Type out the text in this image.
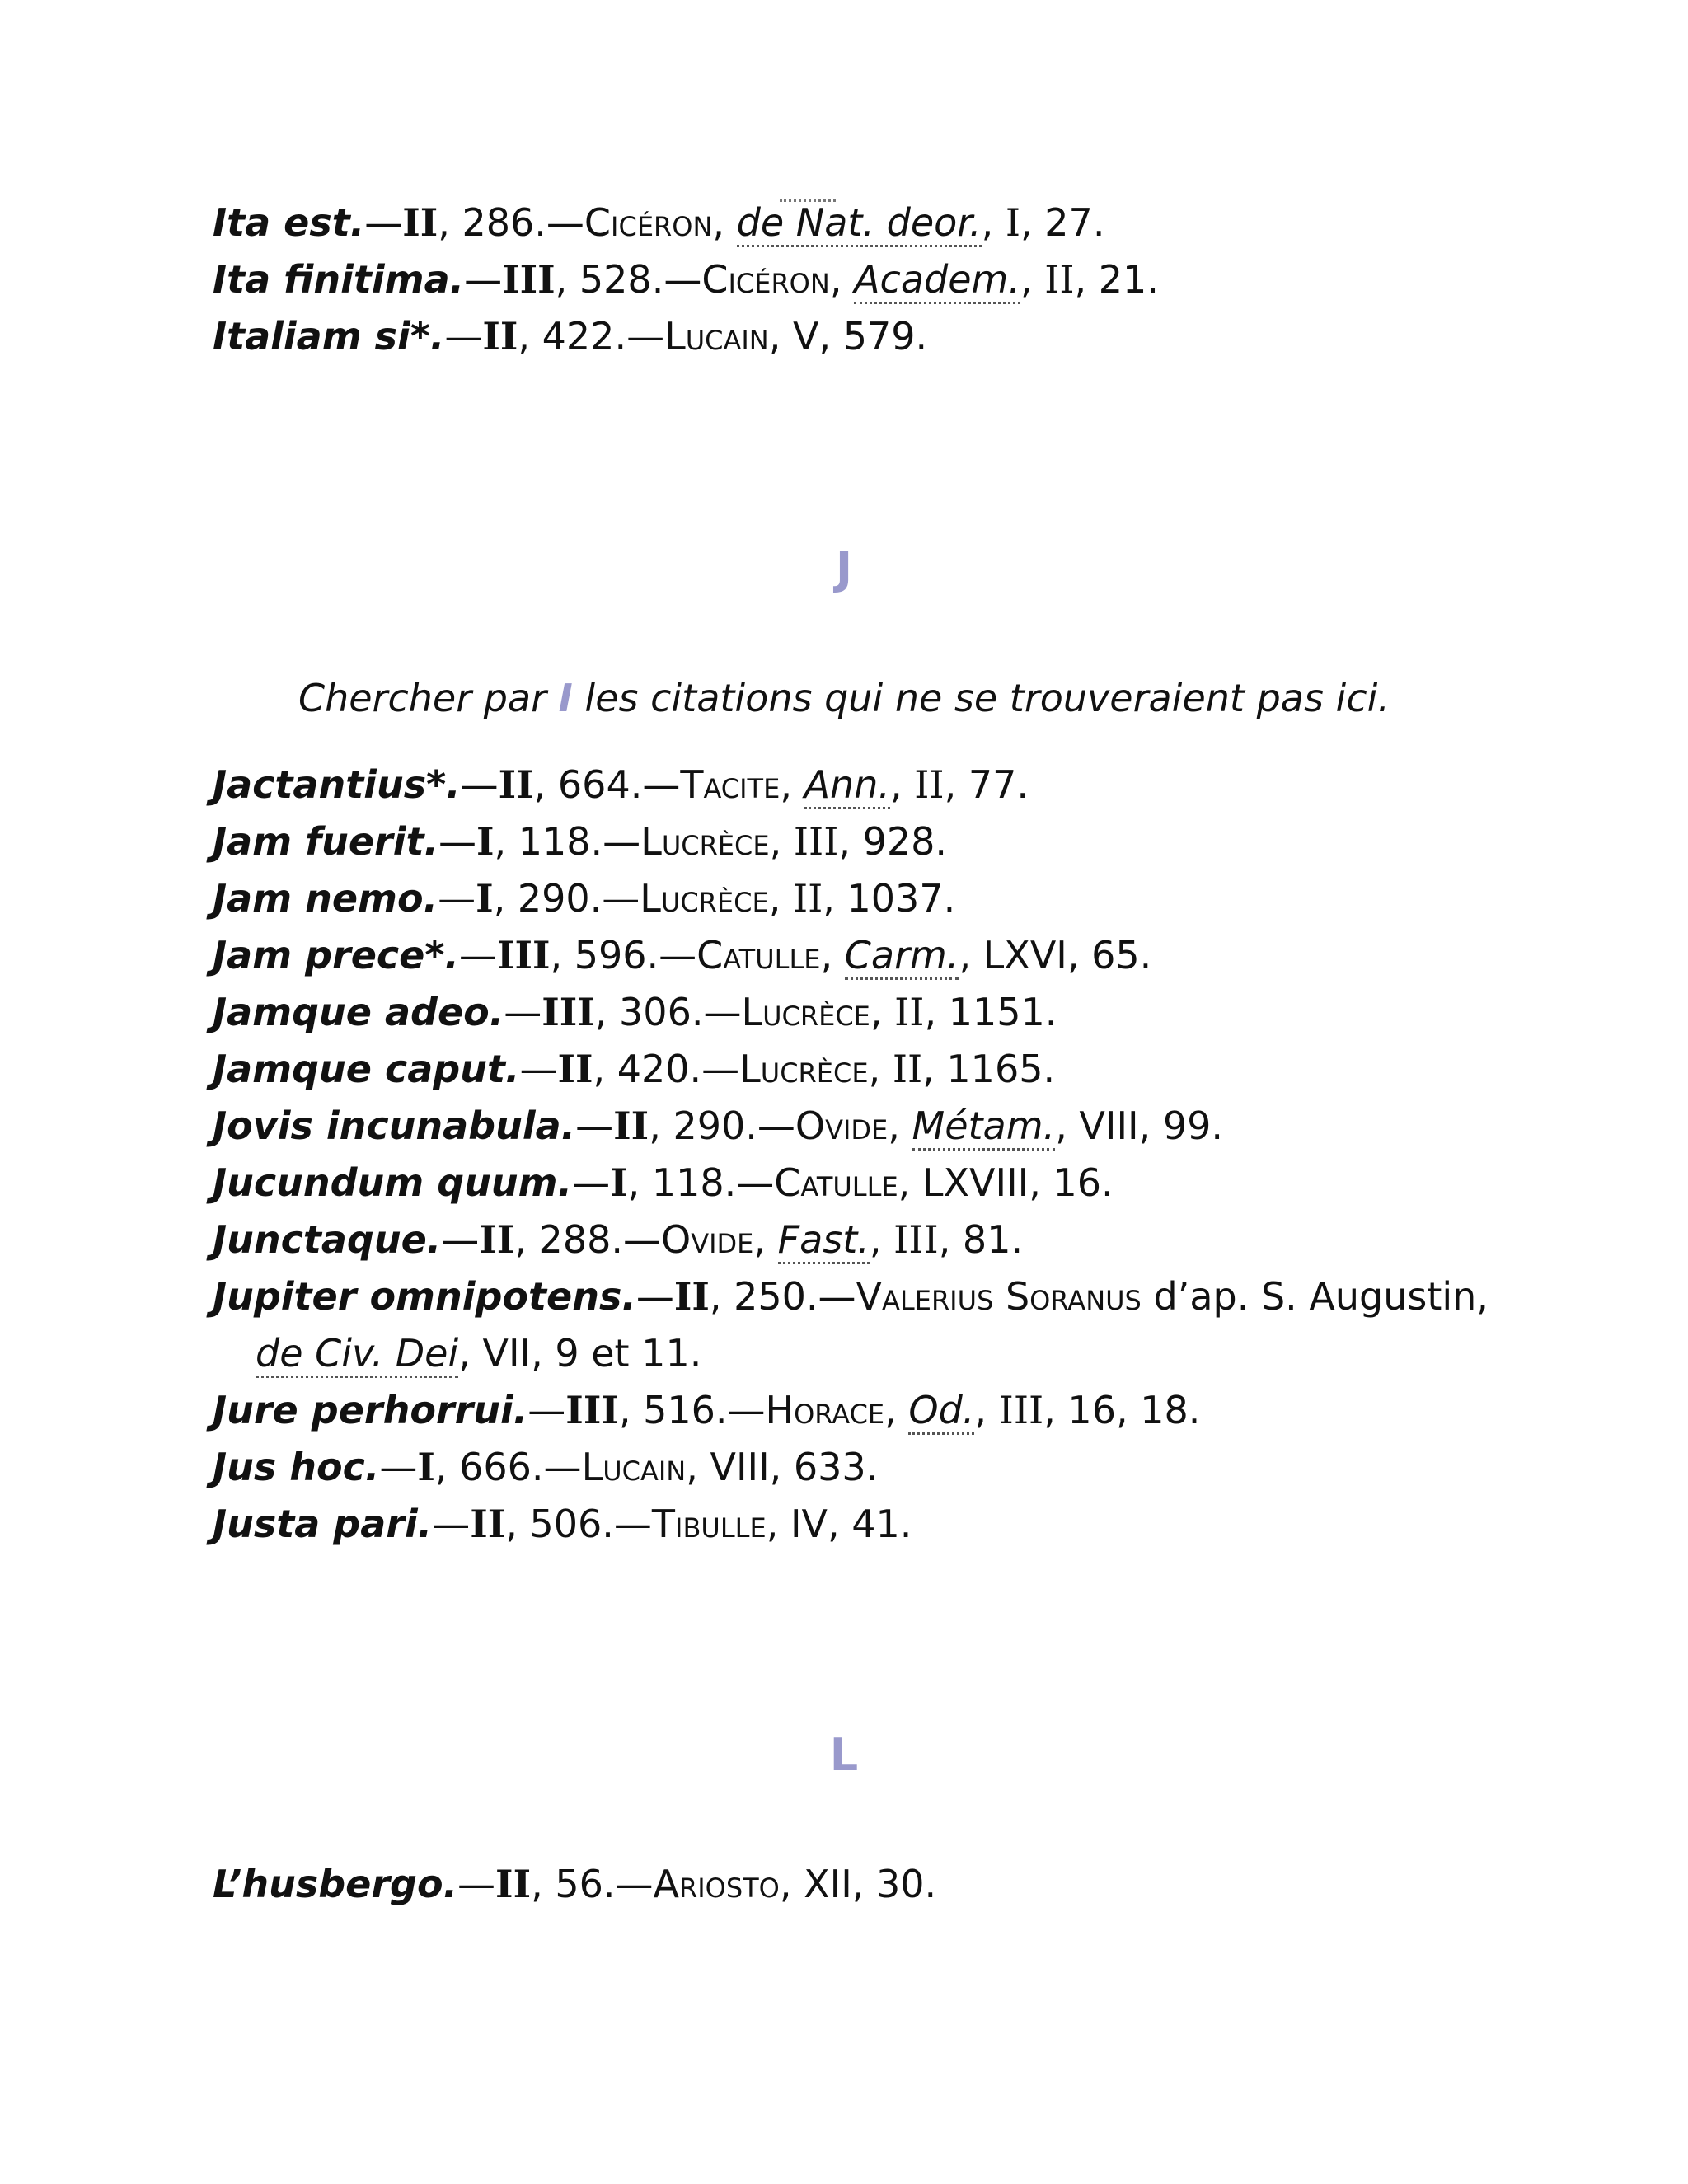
Ita est.—II, 286.—Cicéron, de Nat. deor., I, 27.
Ita finitima.—III, 528.—Cicéron, Academ., II, 21.
Italiam si*.—II, 422.—Lucain, V, 579.
J
Chercher par I les citations qui ne se trouveraient pas ici.
Jactantius*.—II, 664.—Tacite, Ann., II, 77.
Jam fuerit.—I, 118.—Lucrèce, III, 928.
Jam nemo.—I, 290.—Lucrèce, II, 1037.
Jam prece*.—III, 596.—Catulle, Carm., LXVI, 65.
Jamque adeo.—III, 306.—Lucrèce, II, 1151.
Jamque caput.—II, 420.—Lucrèce, II, 1165.
Jovis incunabula.—II, 290.—Ovide, Métam., VIII, 99.
Jucundum quum.—I, 118.—Catulle, LXVIII, 16.
Junctaque.—II, 288.—Ovide, Fast., III, 81.
Jupiter omnipotens.—II, 250.—Valerius Soranus d’ap. S. Augustin,
de Civ. Dei, VII, 9 et 11.
Jure perhorrui.—III, 516.—Horace, Od., III, 16, 18.
Jus hoc.—I, 666.—Lucain, VIII, 633.
Justa pari.—II, 506.—Tibulle, IV, 41.
L
L’husbergo.—II, 56.—Ariosto, XII, 30.
